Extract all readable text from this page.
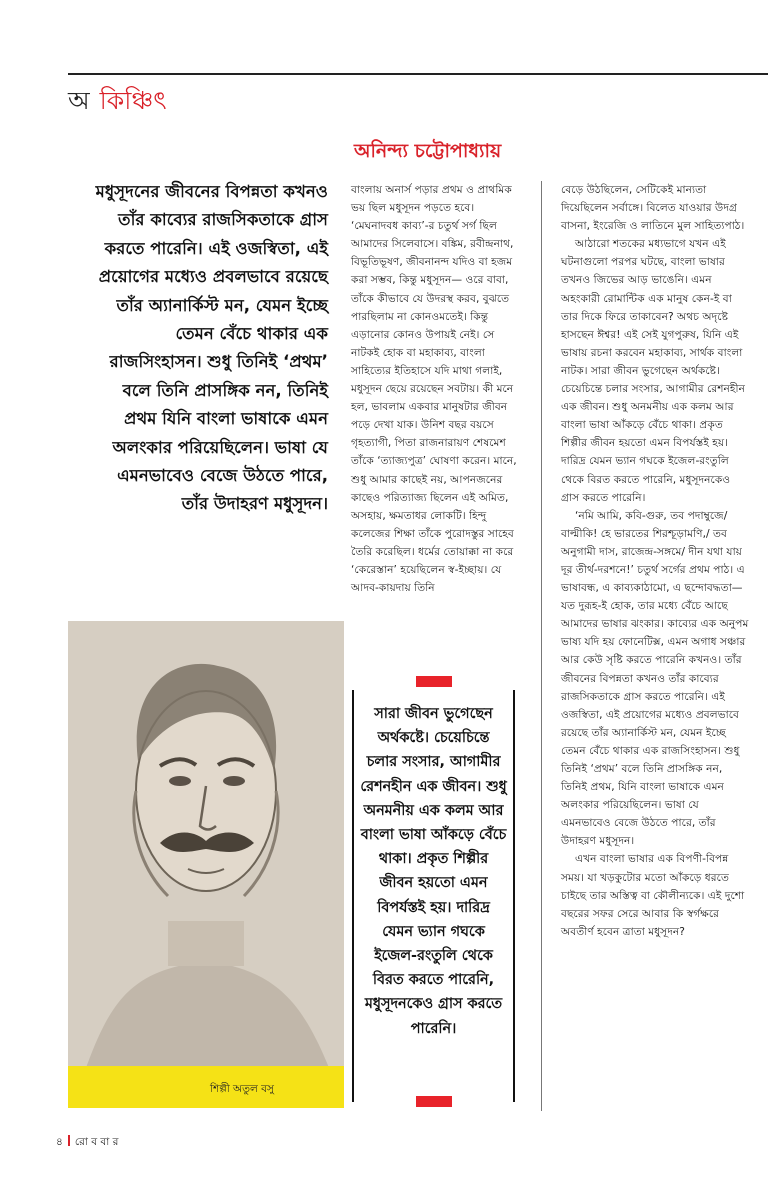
অ কিঞ্চিৎ
অনিন্দ্য চট্টোপাধ্যায়
মধুসূদনের জীবনের বিপন্নতা কখনও তাঁর কাব্যের রাজসিকতাকে গ্রাস করতে পারেনি। এই ওজস্বিতা, এই প্রয়োগের মধ্যেও প্রবলভাবে রয়েছে তাঁর অ্যানার্কিস্ট মন, যেমন ইচ্ছে তেমন বেঁচে থাকার এক রাজসিংহাসন। শুধু তিনিই ‘প্রথম’ বলে তিনি প্রাসঙ্গিক নন, তিনিই প্রথম যিনি বাংলা ভাষাকে এমন অলংকার পরিয়েছিলেন। ভাষা যে এমনভাবেও বেজে উঠতে পারে, তাঁর উদাহরণ মধুসূদন।

বাংলায় অনার্স পড়ার প্রথম ও প্রাথমিক ভয় ছিল মধুসূদন পড়তে হবে। ‘মেঘনাদবধ কাব্য’-র চতুর্থ সর্গ ছিল আমাদের সিলেবাসে। বঙ্কিম, রবীন্দ্রনাথ, বিভূতিভূষণ, জীবনানন্দ যদিও বা হজম করা সম্ভব, কিন্তু মধুসূদন— ওরে বাবা, তাঁকে কীভাবে যে উদরস্থ করব, বুঝতে পারছিলাম না কোনওমতেই। কিন্তু এড়ানোর কোনও উপায়ই নেই। সে নাটকই হোক বা মহাকাব্য, বাংলা সাহিত্যের ইতিহাসে যদি মাথা গলাই, মধুসূদন ছেয়ে রয়েছেন সবটায়। কী মনে হল, ভাবলাম একবার মানুষটার জীবন পড়ে দেখা যাক। উনিশ বছর বয়সে গৃহত্যাগী, পিতা রাজনারায়ণ শেষমেশ তাঁকে ‘ত্যাজ্যপুত্র’ ঘোষণা করেন। মানে, শুধু আমার কাছেই নয়, আপনজনের কাছেও পরিত্যাজ্য ছিলেন এই অমিত, অসহায়, ক্ষমতাধর লোকটি। হিন্দু কলেজের শিক্ষা তাঁকে পুরোদস্তুর সাহেব তৈরি করেছিল। ধর্মের তোয়াক্কা না করে ‘কেরেস্তান’ হয়েছিলেন স্ব-ইচ্ছায়। যে আদব-কায়দায় তিনি

বেড়ে উঠছিলেন, সেটিকেই মান্যতা দিয়েছিলেন সর্বাঙ্গে। বিলেত যাওয়ার উদগ্র বাসনা, ইংরেজি ও লাতিনে মুল সাহিত্যপাঠ।

আঠারো শতকের মধ্যভাগে যখন এই ঘটনাগুলো পরপর ঘটছে, বাংলা ভাষার তখনও জিভের আড় ভাঙেনি। এমন অহংকারী রোমান্টিক এক মানুষ কেন-ই বা তার দিকে ফিরে তাকাবেন? অথচ অদৃষ্টে হাসছেন ঈশ্বর! এই সেই যুগপুরুষ, যিনি এই ভাষায় রচনা করবেন মহাকাব্য, সার্থক বাংলা নাটক। সারা জীবন ভুগেছেন অর্থকষ্টে। চেয়েচিন্তে চলার সংসার, আগামীর রেশনহীন এক জীবন। শুধু অনমনীয় এক কলম আর বাংলা ভাষা আঁকড়ে বেঁচে থাকা। প্রকৃত শিল্পীর জীবন হয়তো এমন বিপর্যস্তই হয়। দারিদ্র যেমন ভ্যান গঘকে ইজেল-রংতুলি থেকে বিরত করতে পারেনি, মধুসূদনকেও গ্রাস করতে পারেনি।

‘নমি আমি, কবি-গুরু, তব পদাম্বুজে/ বাল্মীকি! হে ভারতের শিরশ্চূড়ামণি,/ তব অনুগামী দাস, রাজেন্দ্র-সঙ্গমে/ দীন যথা যায় দূর তীর্থ-দরশনে!’ চতুর্থ সর্গের প্রথম পাঠ। এ ভাষাবন্ধ, এ কাব্যকাঠামো, এ ছন্দোবদ্ধতা— যত দুরূহ-ই হোক, তার মধ্যে বেঁচে আছে আমাদের ভাষার ঝংকার। কাব্যের এক অনুপম ভাষ্য যদি হয় ফোনেটিক্স, এমন অগাধ সঞ্চার আর কেউ সৃষ্টি করতে পারেনি কখনও। তাঁর জীবনের বিপন্নতা কখনও তাঁর কাব্যের রাজসিকতাকে গ্রাস করতে পারেনি। এই ওজস্বিতা, এই প্রয়োগের মধ্যেও প্রবলভাবে রয়েছে তাঁর অ্যানার্কিস্ট মন, যেমন ইচ্ছে তেমন বেঁচে থাকার এক রাজসিংহাসন। শুধু তিনিই ‘প্রথম’ বলে তিনি প্রাসঙ্গিক নন, তিনিই প্রথম, যিনি বাংলা ভাষাকে এমন অলংকার পরিয়েছিলেন। ভাষা যে এমনভাবেও বেজে উঠতে পারে, তাঁর উদাহরণ মধুসূদন।

এখন বাংলা ভাষার এক বিপণী-বিপন্ন সময়। যা খড়কুটোর মতো আঁকড়ে ধরতে চাইছে তার অস্তিত্ব বা কৌলীন্যকে। এই দুশো বছরের সফর সেরে আবার কি স্বর্গক্ষরে অবতীর্ণ হবেন ত্রাতা মধুসূদন?

শিল্পী অতুল বসু
সারা জীবন ভুগেছেন অর্থকষ্টে। চেয়েচিন্তে চলার সংসার, আগামীর রেশনহীন এক জীবন। শুধু অনমনীয় এক কলম আর বাংলা ভাষা আঁকড়ে বেঁচে থাকা। প্রকৃত শিল্পীর জীবন হয়তো এমন বিপর্যস্তই হয়। দারিদ্র যেমন ভ্যান গঘকে ইজেল-রংতুলি থেকে বিরত করতে পারেনি, মধুসূদনকেও গ্রাস করতে পারেনি।
৪ রো ব বা র
